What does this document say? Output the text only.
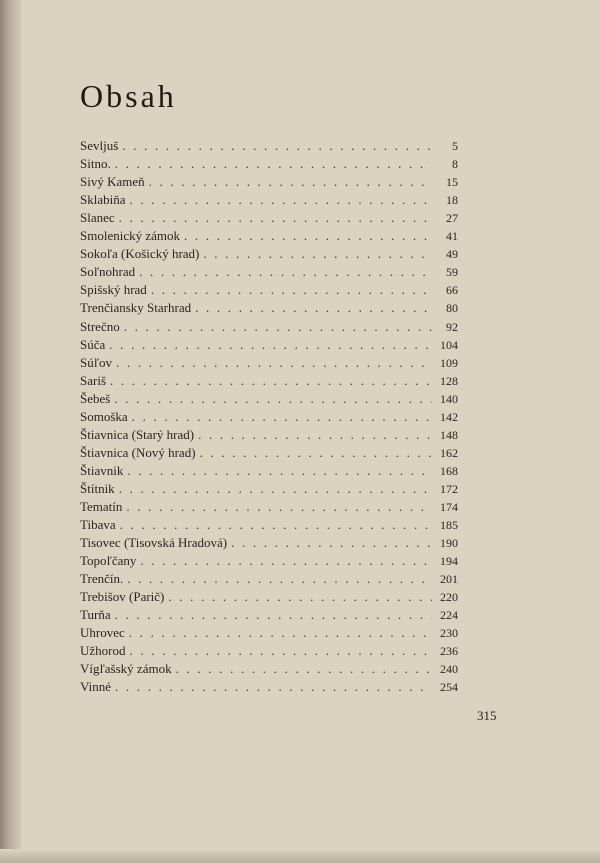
Obsah
Sevljuš . . .	5
Sitno. . . .	8
Sivý Kameň . . .	15
Sklabiňa . . .	18
Slanec . . .	27
Smolenický zámok . . .	41
Sokoľa (Košický hrad) . . .	49
Soľnohrad . . .	59
Spišský hrad . . .	66
Trenčiansky Starhrad . . .	80
Strečno . . .	92
Súča . . .	104
Súľov . . .	109
Sariš . . .	128
Šebeš . . .	140
Somoška . . .	142
Štiavnica (Starý hrad) . . .	148
Štiavnica (Nový hrad) . . .	162
Štiavnik . . .	168
Štítnik . . .	172
Tematín . . .	174
Tibava . . .	185
Tisovec (Tisovská Hradová) . . .	190
Topoľčany . . .	194
Trenčín. . . .	201
Trebišov (Parič) . . .	220
Turňa . . .	224
Uhrovec . . .	230
Užhorod . . .	236
Vígľašský zámok . . .	240
Vinné . . .	254
315
